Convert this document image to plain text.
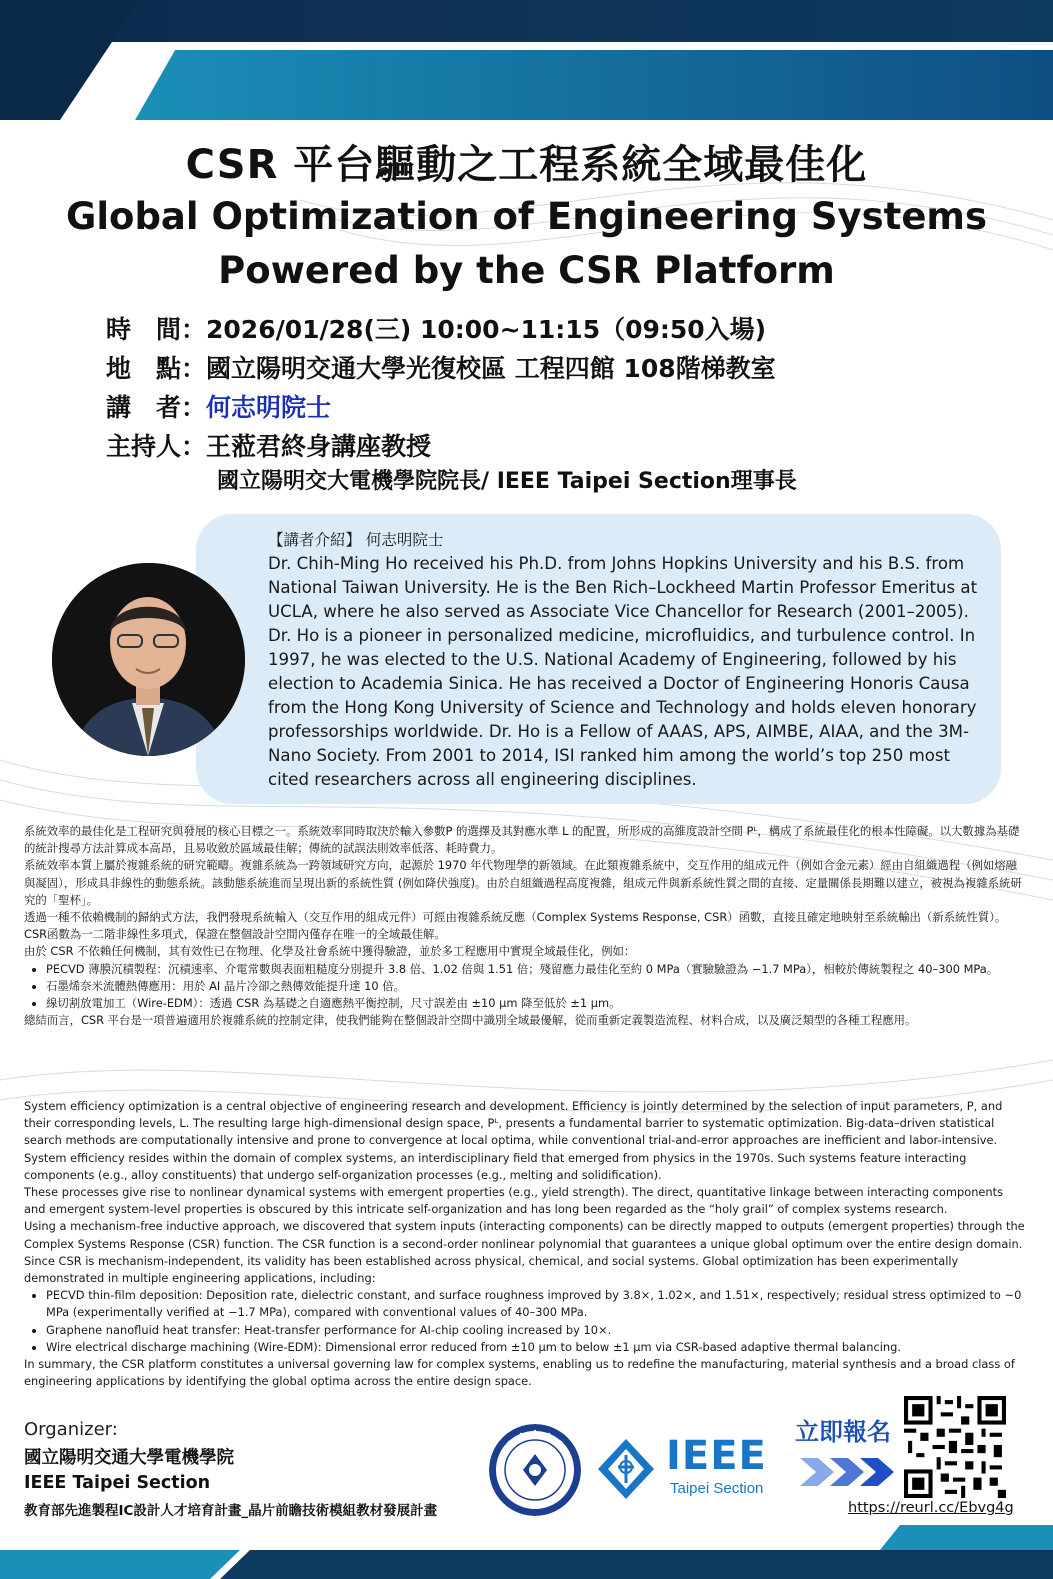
CSR 平台驅動之工程系統全域最佳化
Global Optimization of Engineering Systems
Powered by the CSR Platform
時　間：2026/01/28(三) 10:00~11:15（09:50入場)
地　點：國立陽明交通大學光復校區 工程四館 108階梯教室
講　者：何志明院士
主持人：王蒞君終身講座教授
國立陽明交大電機學院院長/ IEEE Taipei Section理事長
【講者介紹】 何志明院士
Dr. Chih-Ming Ho received his Ph.D. from Johns Hopkins University and his B.S. from National Taiwan University. He is the Ben Rich–Lockheed Martin Professor Emeritus at UCLA, where he also served as Associate Vice Chancellor for Research (2001–2005). Dr. Ho is a pioneer in personalized medicine, microfluidics, and turbulence control. In 1997, he was elected to the U.S. National Academy of Engineering, followed by his election to Academia Sinica. He has received a Doctor of Engineering Honoris Causa from the Hong Kong University of Science and Technology and holds eleven honorary professorships worldwide. Dr. Ho is a Fellow of AAAS, APS, AIMBE, AIAA, and the 3M-Nano Society. From 2001 to 2014, ISI ranked him among the world’s top 250 most cited researchers across all engineering disciplines.

系統效率的最佳化是工程研究與發展的核心目標之一。系統效率同時取決於輸入參數P 的選擇及其對應水準 L 的配置，所形成的高維度設計空間 Pᴸ，構成了系統最佳化的根本性障礙。以大數據為基礎的統計搜尋方法計算成本高昂，且易收斂於區域最佳解；傳統的試誤法則效率低落、耗時費力。

系統效率本質上屬於複雜系統的研究範疇。複雜系統為一跨領域研究方向，起源於 1970 年代物理學的新領域。在此類複雜系統中，交互作用的組成元件（例如合金元素）經由自組織過程（例如熔融與凝固），形成具非線性的動態系統。該動態系統進而呈現出新的系統性質 (例如降伏強度)。由於自組織過程高度複雜，組成元件與新系統性質之間的直接、定量關係長期難以建立，被視為複雜系統研究的「聖杯」。

透過一種不依賴機制的歸納式方法，我們發現系統輸入（交互作用的組成元件）可經由複雜系統反應（Complex Systems Response, CSR）函數，直接且確定地映射至系統輸出（新系統性質）。CSR函數為一二階非線性多項式，保證在整個設計空間內僅存在唯一的全域最佳解。

由於 CSR 不依賴任何機制，其有效性已在物理、化學及社會系統中獲得驗證，並於多工程應用中實現全域最佳化，例如：

• PECVD 薄膜沉積製程：沉積速率、介電常數與表面粗糙度分別提升 3.8 倍、1.02 倍與 1.51 倍；殘留應力最佳化至約 0 MPa（實驗驗證為 −1.7 MPa），相較於傳統製程之 40–300 MPa。
• 石墨烯奈米流體熱傳應用：用於 AI 晶片冷卻之熱傳效能提升達 10 倍。
• 線切割放電加工（Wire-EDM）：透過 CSR 為基礎之自適應熱平衡控制，尺寸誤差由 ±10 μm 降至低於 ±1 μm。

總結而言，CSR 平台是一項普遍適用於複雜系統的控制定律，使我們能夠在整個設計空間中識別全域最優解，從而重新定義製造流程、材料合成，以及廣泛類型的各種工程應用。

System efficiency optimization is a central objective of engineering research and development. Efficiency is jointly determined by the selection of input parameters, P, and their corresponding levels, L. The resulting large high-dimensional design space, Pᴸ, presents a fundamental barrier to systematic optimization. Big-data–driven statistical search methods are computationally intensive and prone to convergence at local optima, while conventional trial-and-error approaches are inefficient and labor-intensive.

System efficiency resides within the domain of complex systems, an interdisciplinary field that emerged from physics in the 1970s. Such systems feature interacting components (e.g., alloy constituents) that undergo self-organization processes (e.g., melting and solidification).

These processes give rise to nonlinear dynamical systems with emergent properties (e.g., yield strength). The direct, quantitative linkage between interacting components and emergent system-level properties is obscured by this intricate self-organization and has long been regarded as the “holy grail” of complex systems research.

Using a mechanism-free inductive approach, we discovered that system inputs (interacting components) can be directly mapped to outputs (emergent properties) through the Complex Systems Response (CSR) function. The CSR function is a second-order nonlinear polynomial that guarantees a unique global optimum over the entire design domain.

Since CSR is mechanism-independent, its validity has been established across physical, chemical, and social systems. Global optimization has been experimentally demonstrated in multiple engineering applications, including:

• PECVD thin-film deposition: Deposition rate, dielectric constant, and surface roughness improved by 3.8×, 1.02×, and 1.51×, respectively; residual stress optimized to ~0 MPa (experimentally verified at −1.7 MPa), compared with conventional values of 40–300 MPa.
• Graphene nanofluid heat transfer: Heat-transfer performance for AI-chip cooling increased by 10×.
• Wire electrical discharge machining (Wire-EDM): Dimensional error reduced from ±10 μm to below ±1 μm via CSR-based adaptive thermal balancing.

In summary, the CSR platform constitutes a universal governing law for complex systems, enabling us to redefine the manufacturing, material synthesis and a broad class of engineering applications by identifying the global optima across the entire design space.

Organizer:
國立陽明交通大學電機學院
IEEE Taipei Section
教育部先進製程IC設計人才培育計畫_晶片前瞻技術模組教材發展計畫
IEEE
Taipei Section
立即報名
https://reurl.cc/Ebvg4g
